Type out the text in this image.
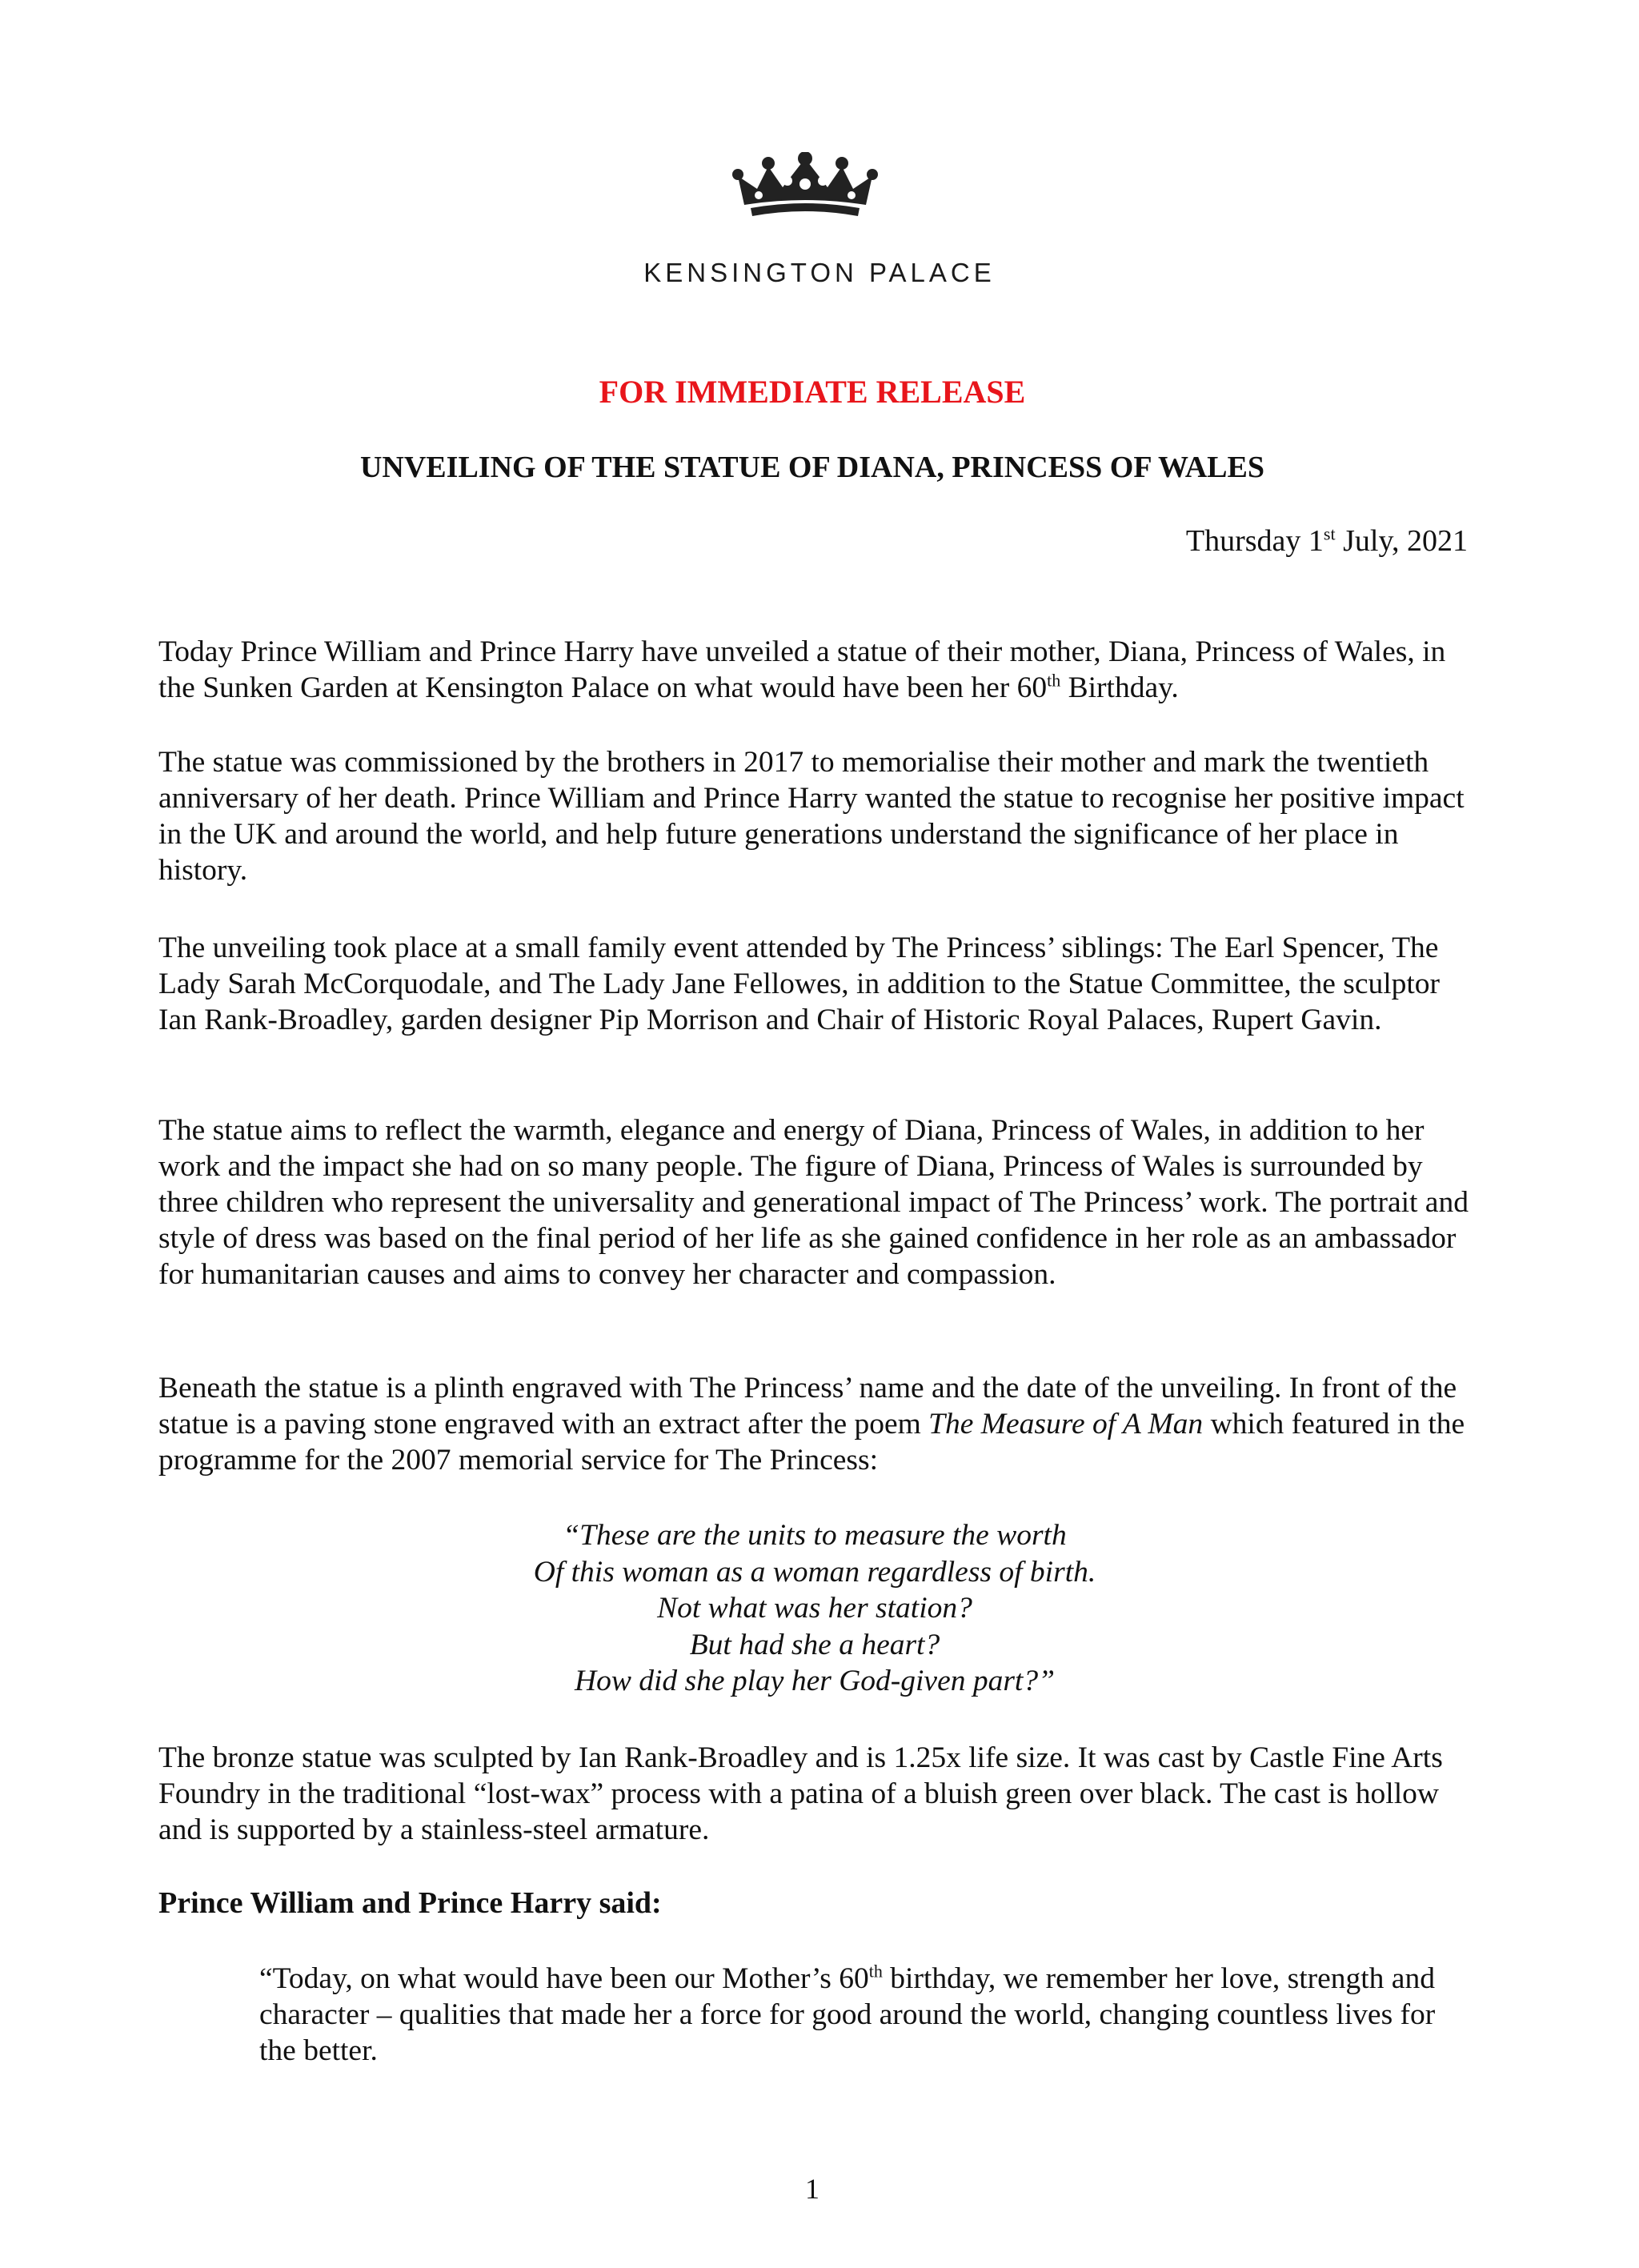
KENSINGTON PALACE
FOR IMMEDIATE RELEASE
UNVEILING OF THE STATUE OF DIANA, PRINCESS OF WALES
Thursday 1st July, 2021

Today Prince William and Prince Harry have unveiled a statue of their mother, Diana, Princess of Wales, in the Sunken Garden at Kensington Palace on what would have been her 60th Birthday.

The statue was commissioned by the brothers in 2017 to memorialise their mother and mark the twentieth anniversary of her death. Prince William and Prince Harry wanted the statue to recognise her positive impact in the UK and around the world, and help future generations understand the significance of her place in history.

The unveiling took place at a small family event attended by The Princess’ siblings: The Earl Spencer, The Lady Sarah McCorquodale, and The Lady Jane Fellowes, in addition to the Statue Committee, the sculptor Ian Rank-Broadley, garden designer Pip Morrison and Chair of Historic Royal Palaces, Rupert Gavin.

The statue aims to reflect the warmth, elegance and energy of Diana, Princess of Wales, in addition to her work and the impact she had on so many people. The figure of Diana, Princess of Wales is surrounded by three children who represent the universality and generational impact of The Princess’ work. The portrait and style of dress was based on the final period of her life as she gained confidence in her role as an ambassador for humanitarian causes and aims to convey her character and compassion.

Beneath the statue is a plinth engraved with The Princess’ name and the date of the unveiling. In front of the statue is a paving stone engraved with an extract after the poem The Measure of A Man which featured in the programme for the 2007 memorial service for The Princess:

“These are the units to measure the worth
Of this woman as a woman regardless of birth.
Not what was her station?
But had she a heart?
How did she play her God-given part?”

The bronze statue was sculpted by Ian Rank-Broadley and is 1.25x life size. It was cast by Castle Fine Arts Foundry in the traditional “lost-wax” process with a patina of a bluish green over black. The cast is hollow and is supported by a stainless-steel armature.

Prince William and Prince Harry said:
“Today, on what would have been our Mother’s 60th birthday, we remember her love, strength and character – qualities that made her a force for good around the world, changing countless lives for the better.
1
